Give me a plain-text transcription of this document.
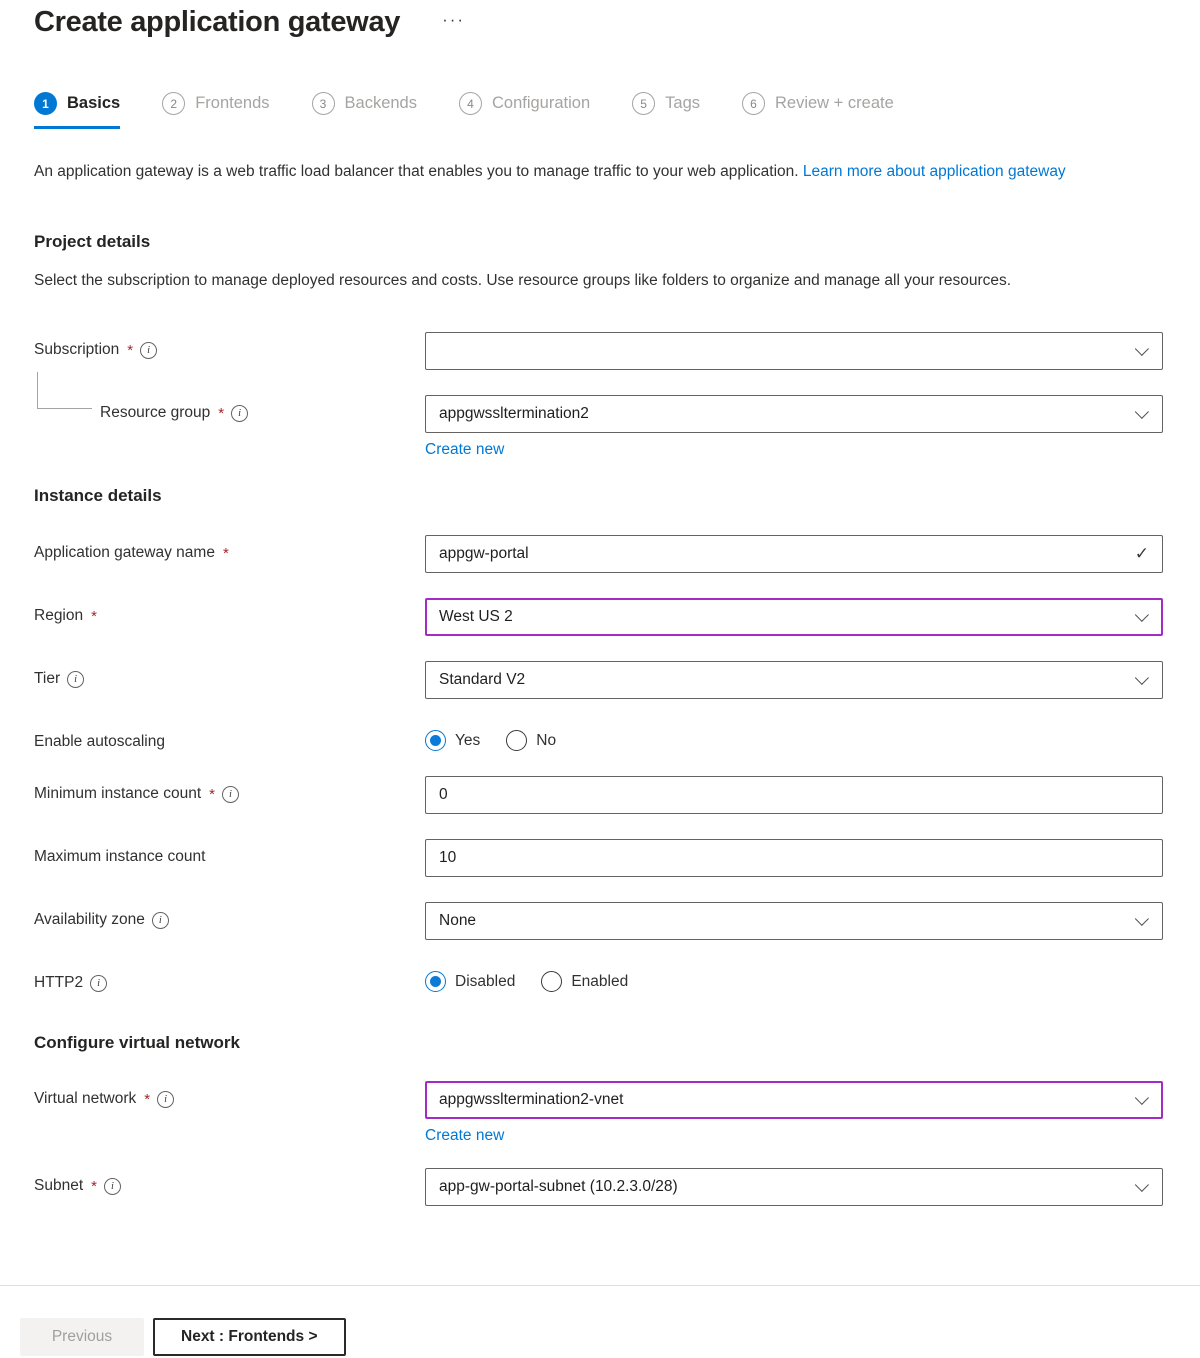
Create application gateway ···
1	Basics	2	Frontends	3	Backends	4	Configuration	5	Tags	6	Review + create

An application gateway is a web traffic load balancer that enables you to manage traffic to your web application. Learn more about application gateway

Project details

Select the subscription to manage deployed resources and costs. Use resource groups like folders to organize and manage all your resources.

Subscription *	i
Resource group *	i	appgwssltermination2
Create new
Instance details
Application gateway name *	appgw-portal	✓
Region *	West US 2
Tier	i	Standard V2
Enable autoscaling	Yes	No
Minimum instance count *	i	0
Maximum instance count	10
Availability zone	i	None
HTTP2	i	Disabled	Enabled
Configure virtual network
Virtual network *	i	appgwssltermination2-vnet
Create new
Subnet *	i	app-gw-portal-subnet (10.2.3.0/28)
Previous	Next : Frontends >
